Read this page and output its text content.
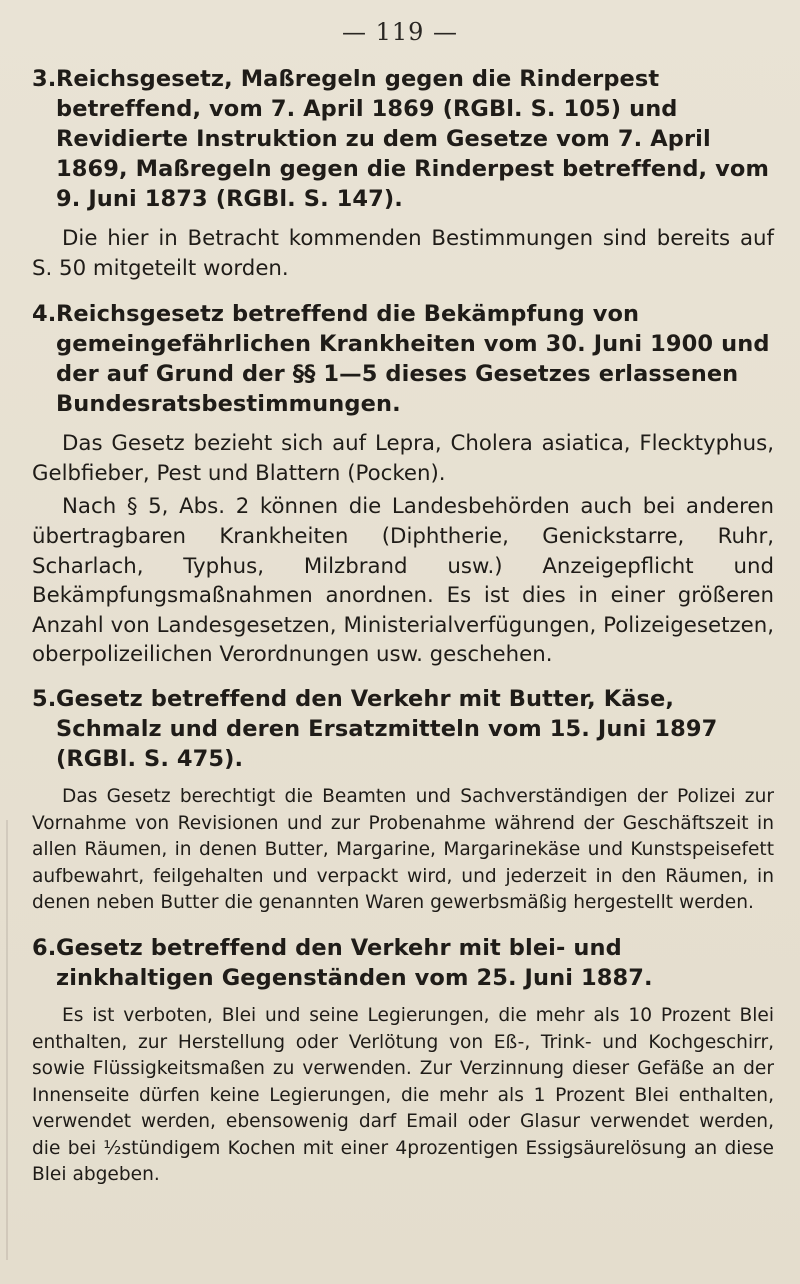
— 119 —

3.Reichsgesetz, Maßregeln gegen die Rinderpest betreffend, vom 7. April 1869 (RGBl. S. 105) und Revidierte Instruktion zu dem Gesetze vom 7. April 1869, Maßregeln gegen die Rinderpest betreffend, vom 9. Juni 1873 (RGBl. S. 147).

Die hier in Betracht kommenden Bestimmungen sind bereits auf S. 50 mitgeteilt worden.

4.Reichsgesetz betreffend die Bekämpfung von gemeingefährlichen Krankheiten vom 30. Juni 1900 und der auf Grund der §§ 1—5 dieses Gesetzes erlassenen Bundesratsbestimmungen.

Das Gesetz bezieht sich auf Lepra, Cholera asiatica, Flecktyphus, Gelbfieber, Pest und Blattern (Pocken).

Nach § 5, Abs. 2 können die Landesbehörden auch bei anderen übertragbaren Krankheiten (Diphtherie, Genickstarre, Ruhr, Scharlach, Typhus, Milzbrand usw.) Anzeigepflicht und Bekämpfungsmaßnahmen anordnen. Es ist dies in einer größeren Anzahl von Landesgesetzen, Ministerialverfügungen, Polizeigesetzen, oberpolizeilichen Verordnungen usw. geschehen.

5.Gesetz betreffend den Verkehr mit Butter, Käse, Schmalz und deren Ersatzmitteln vom 15. Juni 1897 (RGBl. S. 475).

Das Gesetz berechtigt die Beamten und Sachverständigen der Polizei zur Vornahme von Revisionen und zur Probenahme während der Geschäftszeit in allen Räumen, in denen Butter, Margarine, Margarinekäse und Kunstspeisefett aufbewahrt, feilgehalten und verpackt wird, und jederzeit in den Räumen, in denen neben Butter die genannten Waren gewerbsmäßig hergestellt werden.

6.Gesetz betreffend den Verkehr mit blei- und zinkhaltigen Gegenständen vom 25. Juni 1887.

Es ist verboten, Blei und seine Legierungen, die mehr als 10 Prozent Blei enthalten, zur Herstellung oder Verlötung von Eß-, Trink- und Kochgeschirr, sowie Flüssigkeitsmaßen zu verwenden. Zur Verzinnung dieser Gefäße an der Innenseite dürfen keine Legierungen, die mehr als 1 Prozent Blei enthalten, verwendet werden, ebensowenig darf Email oder Glasur verwendet werden, die bei ½stündigem Kochen mit einer 4prozentigen Essigsäurelösung an diese Blei abgeben.
